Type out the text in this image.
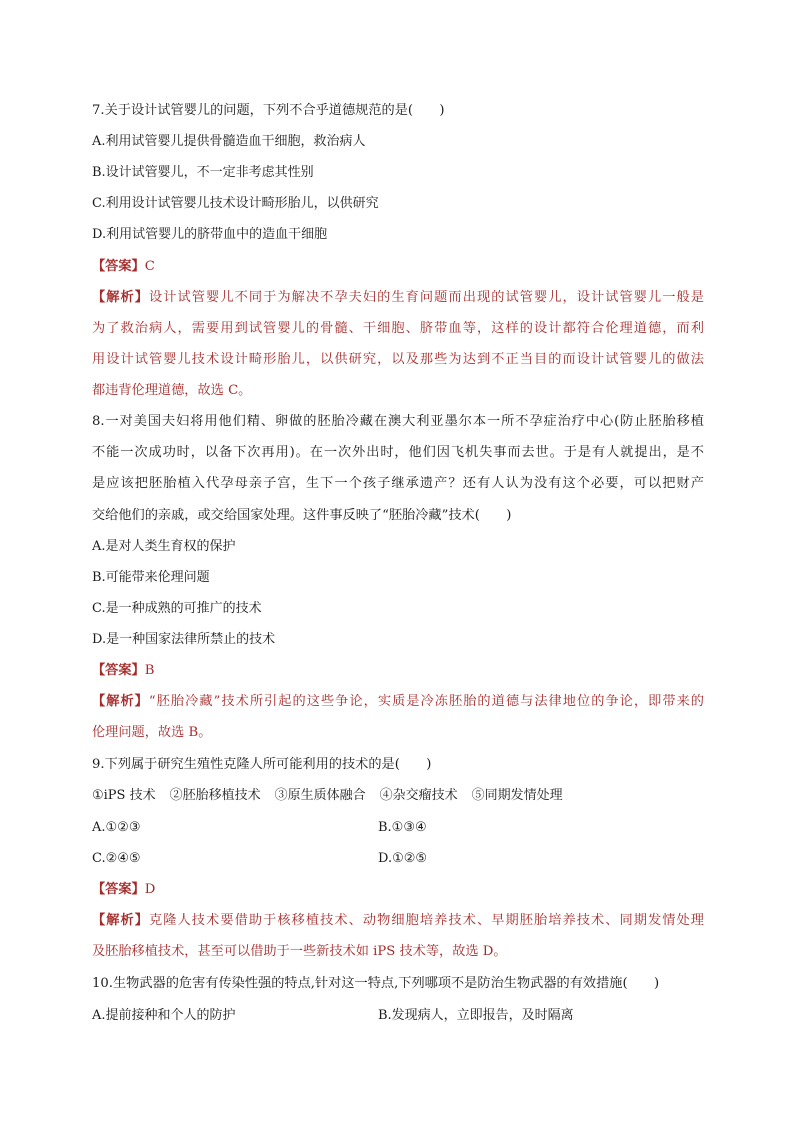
7.关于设计试管婴儿的问题，下列不合乎道德规范的是(　　)
A.利用试管婴儿提供骨髓造血干细胞，救治病人
B.设计试管婴儿，不一定非考虑其性别
C.利用设计试管婴儿技术设计畸形胎儿，以供研究
D.利用试管婴儿的脐带血中的造血干细胞
【答案】C
【解析】设计试管婴儿不同于为解决不孕夫妇的生育问题而出现的试管婴儿，设计试管婴儿一般是
为了救治病人，需要用到试管婴儿的骨髓、干细胞、脐带血等，这样的设计都符合伦理道德，而利
用设计试管婴儿技术设计畸形胎儿，以供研究，以及那些为达到不正当目的而设计试管婴儿的做法
都违背伦理道德，故选 C。
8.一对美国夫妇将用他们精、卵做的胚胎冷藏在澳大利亚墨尔本一所不孕症治疗中心(防止胚胎移植
不能一次成功时，以备下次再用)。在一次外出时，他们因飞机失事而去世。于是有人就提出，是不
是应该把胚胎植入代孕母亲子宫，生下一个孩子继承遗产？还有人认为没有这个必要，可以把财产
交给他们的亲戚，或交给国家处理。这件事反映了“胚胎冷藏”技术(　　)
A.是对人类生育权的保护
B.可能带来伦理问题
C.是一种成熟的可推广的技术
D.是一种国家法律所禁止的技术
【答案】B
【解析】“胚胎冷藏”技术所引起的这些争论，实质是冷冻胚胎的道德与法律地位的争论，即带来的
伦理问题，故选 B。
9.下列属于研究生殖性克隆人所可能利用的技术的是(　　)
①iPS 技术 ②胚胎移植技术 ③原生质体融合 ④杂交瘤技术 ⑤同期发情处理
A.①②③	B.①③④
C.②④⑤	D.①②⑤
【答案】D
【解析】克隆人技术要借助于核移植技术、动物细胞培养技术、早期胚胎培养技术、同期发情处理
及胚胎移植技术，甚至可以借助于一些新技术如 iPS 技术等，故选 D。
10.生物武器的危害有传染性强的特点,针对这一特点,下列哪项不是防治生物武器的有效措施(　　)
A.提前接种和个人的防护	B.发现病人，立即报告，及时隔离
